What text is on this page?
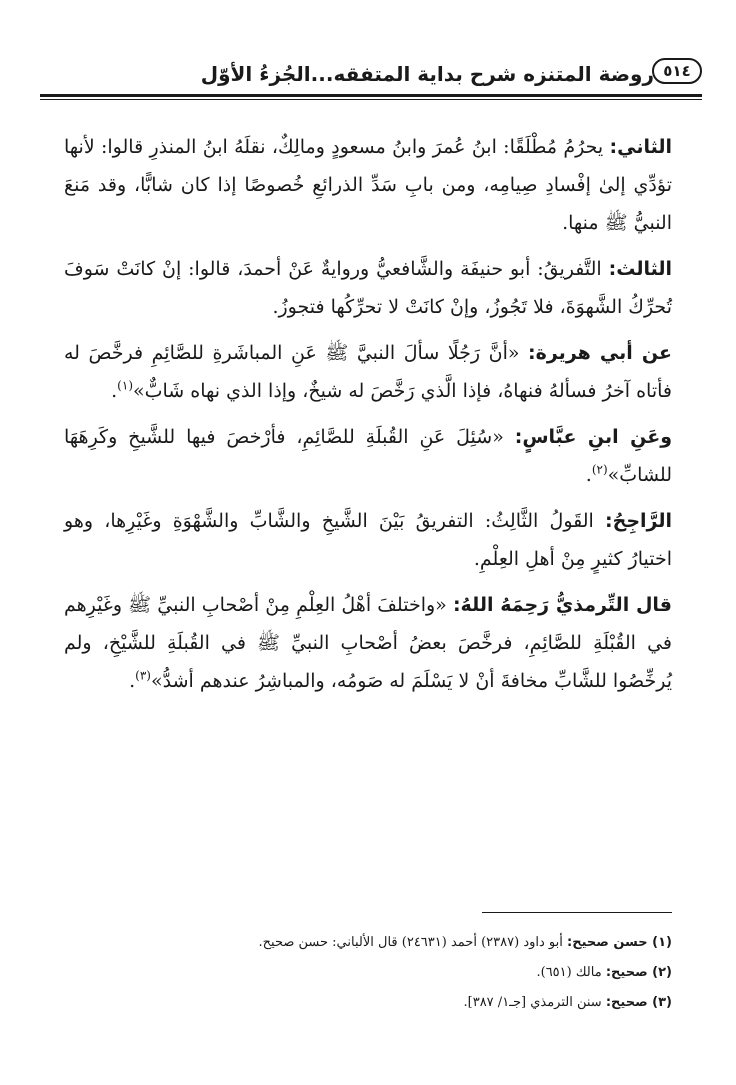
٥١٤
روضة المتنزه شرح بداية المتفقه...الجُزءُ الأوّل

الثاني: يحرُمُ مُطْلَقًا: ابنُ عُمرَ وابنُ مسعودٍ ومالِكٌ، نقلَهُ ابنُ المنذرِ قالوا: لأنها تؤدِّي إلىٰ إفْسادِ صِيامِه، ومن بابِ سَدِّ الذرائعِ خُصوصًا إذا كان شابًّا، وقد مَنعَ النبيُّ ﷺ منها.

الثالث: التَّفريقُ: أبو حنيفَة والشَّافعيُّ وروايةٌ عَنْ أحمدَ، قالوا: إنْ كانَتْ سَوفَ تُحرِّكُ الشَّهوَةَ، فلا تَجُوزُ، وإنْ كانَتْ لا تحرِّكُها فتجوزُ.

عن أبي هريرة: «أنَّ رَجُلًا سألَ النبيَّ ﷺ عَنِ المباشَرةِ للصَّائِمِ فرخَّصَ له فأتاه آخرُ فسألهُ فنهاهُ، فإذا الَّذي رَخَّصَ له شيخٌ، وإذا الذي نهاه شَابٌّ»$^{(١)}$.

وعَنِ ابنِ عبَّاسٍ: «سُئِلَ عَنِ القُبلَةِ للصَّائِمِ، فأرْخصَ فيها للشَّيخِ وكَرِهَهَا للشابِّ»$^{(٢)}$.

الرَّاجِحُ: القَولُ الثَّالِثُ: التفريقُ بَيْنَ الشَّيخِ والشَّابِّ والشَّهْوَةِ وغَيْرِها، وهو اختيارُ كثيرٍ مِنْ أهلِ العِلْمِ.

قال التِّرمذيُّ رَحِمَهُ اللهُ: «واختلفَ أهْلُ العِلْمِ مِنْ أصْحابِ النبيِّ ﷺ وغَيْرِهم في القُبْلَةِ للصَّائِمِ، فرخَّصَ بعضُ أصْحابِ النبيِّ ﷺ في القُبلَةِ للشَّيْخِ، ولم يُرخِّصُوا للشَّابِّ مخافةَ أنْ لا يَسْلَمَ له صَومُه، والمباشِرُ عندهم أشدُّ»$^{(٣)}$.

(١) حسن صحيح: أبو داود (٢٣٨٧) أحمد (٢٤٦٣١) قال الألباني: حسن صحيح.

(٢) صحيح: مالك (٦٥١).

(٣) صحيح: سنن الترمذي [جـ١/ ٣٨٧].
